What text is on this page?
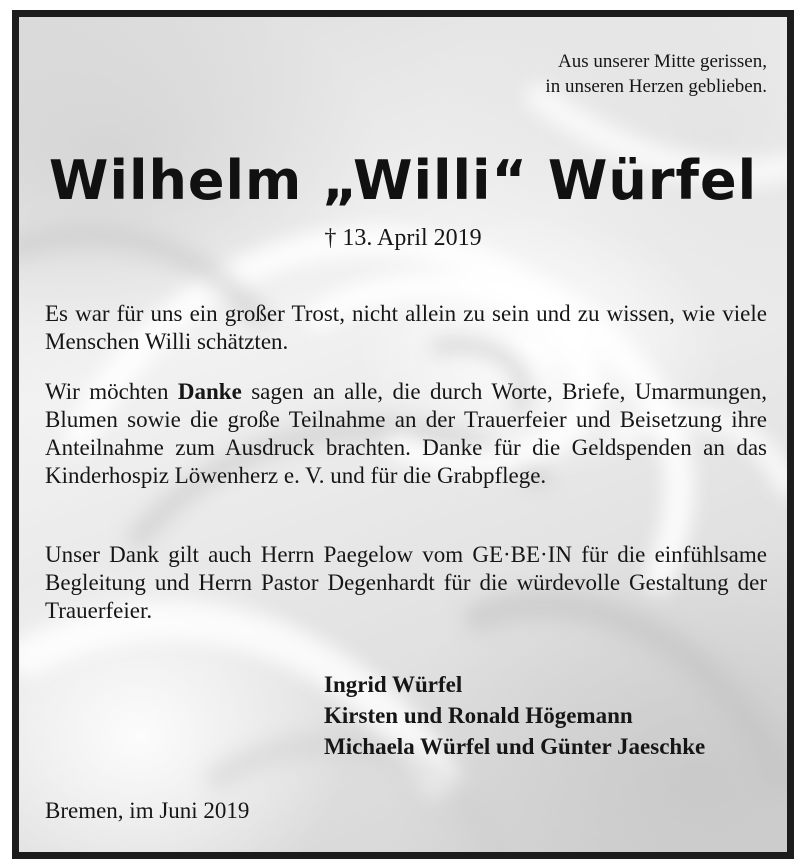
Aus unserer Mitte gerissen,
in unseren Herzen geblieben.
Wilhelm „Willi“ Würfel
† 13. April 2019
Es war für uns ein großer Trost, nicht allein zu sein und zu wissen, wie viele Menschen Willi schätzten.
Wir möchten Danke sagen an alle, die durch Worte, Briefe, Umarmungen, Blumen sowie die große Teilnahme an der Trauerfeier und Beisetzung ihre Anteilnahme zum Ausdruck brachten. Danke für die Geldspenden an das Kinderhospiz Löwenherz e. V. und für die Grabpflege.
Unser Dank gilt auch Herrn Paegelow vom GE·BE·IN für die einfühlsame Begleitung und Herrn Pastor Degenhardt für die würdevolle Gestaltung der Trauerfeier.
Ingrid Würfel
Kirsten und Ronald Högemann
Michaela Würfel und Günter Jaeschke
Bremen, im Juni 2019
